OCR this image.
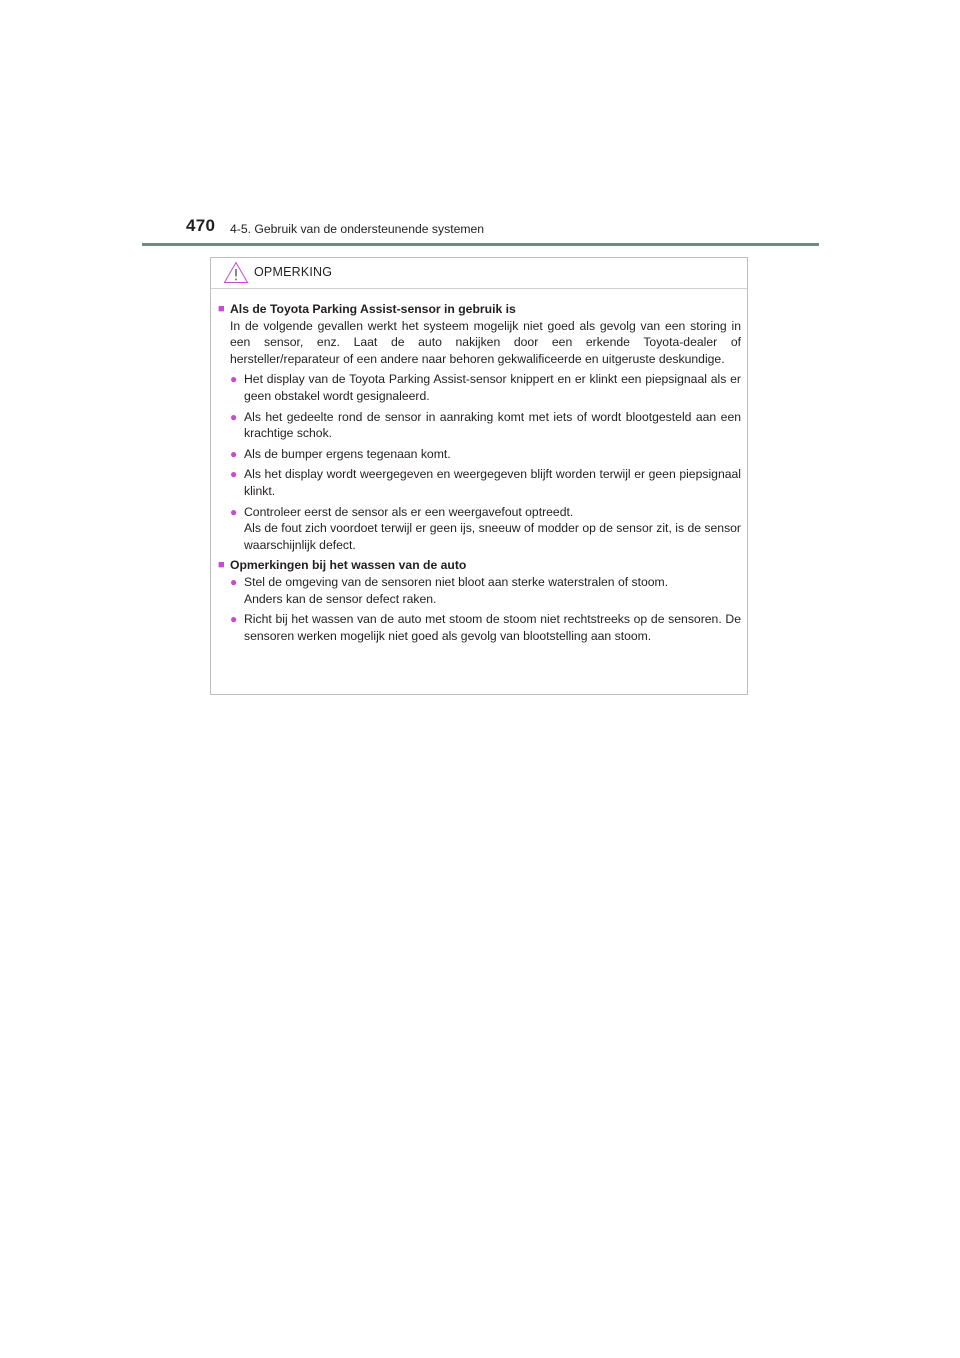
470 4-5. Gebruik van de ondersteunende systemen
OPMERKING
■ Als de Toyota Parking Assist-sensor in gebruik is
In de volgende gevallen werkt het systeem mogelijk niet goed als gevolg van een storing in een sensor, enz. Laat de auto nakijken door een erkende Toyota-dealer of hersteller/reparateur of een andere naar behoren gekwalificeerde en uitgeruste deskundige.
● Het display van de Toyota Parking Assist-sensor knippert en er klinkt een piepsignaal als er geen obstakel wordt gesignaleerd.
● Als het gedeelte rond de sensor in aanraking komt met iets of wordt blootgesteld aan een krachtige schok.
● Als de bumper ergens tegenaan komt.
● Als het display wordt weergegeven en weergegeven blijft worden terwijl er geen piepsignaal klinkt.
● Controleer eerst de sensor als er een weergavefout optreedt.
Als de fout zich voordoet terwijl er geen ijs, sneeuw of modder op de sensor zit, is de sensor waarschijnlijk defect.
■ Opmerkingen bij het wassen van de auto
● Stel de omgeving van de sensoren niet bloot aan sterke waterstralen of stoom.
Anders kan de sensor defect raken.
● Richt bij het wassen van de auto met stoom de stoom niet rechtstreeks op de sensoren. De sensoren werken mogelijk niet goed als gevolg van blootstelling aan stoom.
